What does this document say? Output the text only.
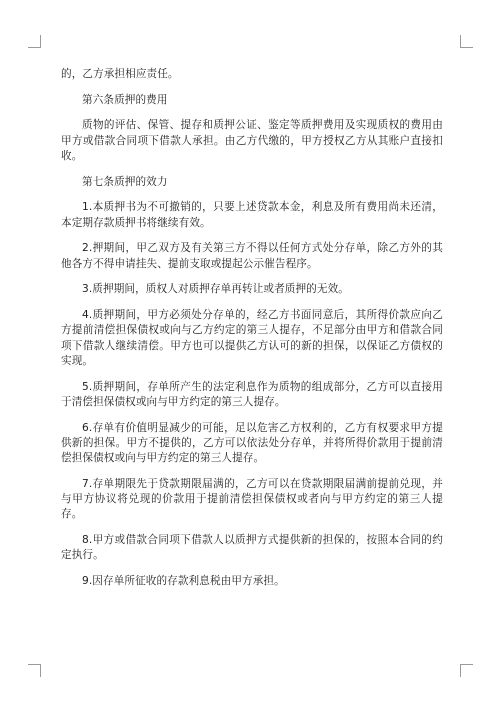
的，乙方承担相应责任。

第六条质押的费用

质物的评估、保管、提存和质押公证、鉴定等质押费用及实现质权的费用由甲方或借款合同项下借款人承担。由乙方代缴的，甲方授权乙方从其账户直接扣收。

第七条质押的效力

1.本质押书为不可撤销的，只要上述贷款本金，利息及所有费用尚未还清，本定期存款质押书将继续有效。

2.押期间，甲乙双方及有关第三方不得以任何方式处分存单，除乙方外的其他各方不得申请挂失、提前支取或提起公示催告程序。

3.质押期间，质权人对质押存单再转让或者质押的无效。

4.质押期间，甲方必须处分存单的，经乙方书面同意后，其所得价款应向乙方提前清偿担保债权或向与乙方约定的第三人提存，不足部分由甲方和借款合同项下借款人继续清偿。甲方也可以提供乙方认可的新的担保，以保证乙方债权的实现。

5.质押期间，存单所产生的法定利息作为质物的组成部分，乙方可以直接用于清偿担保债权或向与甲方约定的第三人提存。

6.存单有价值明显减少的可能，足以危害乙方权利的，乙方有权要求甲方提供新的担保。甲方不提供的，乙方可以依法处分存单，并将所得价款用于提前清偿担保债权或向与甲方约定的第三人提存。

7.存单期限先于贷款期限届满的，乙方可以在贷款期限届满前提前兑现，并与甲方协议将兑现的价款用于提前清偿担保债权或者向与甲方约定的第三人提存。

8.甲方或借款合同项下借款人以质押方式提供新的担保的，按照本合同的约定执行。

9.因存单所征收的存款利息税由甲方承担。
